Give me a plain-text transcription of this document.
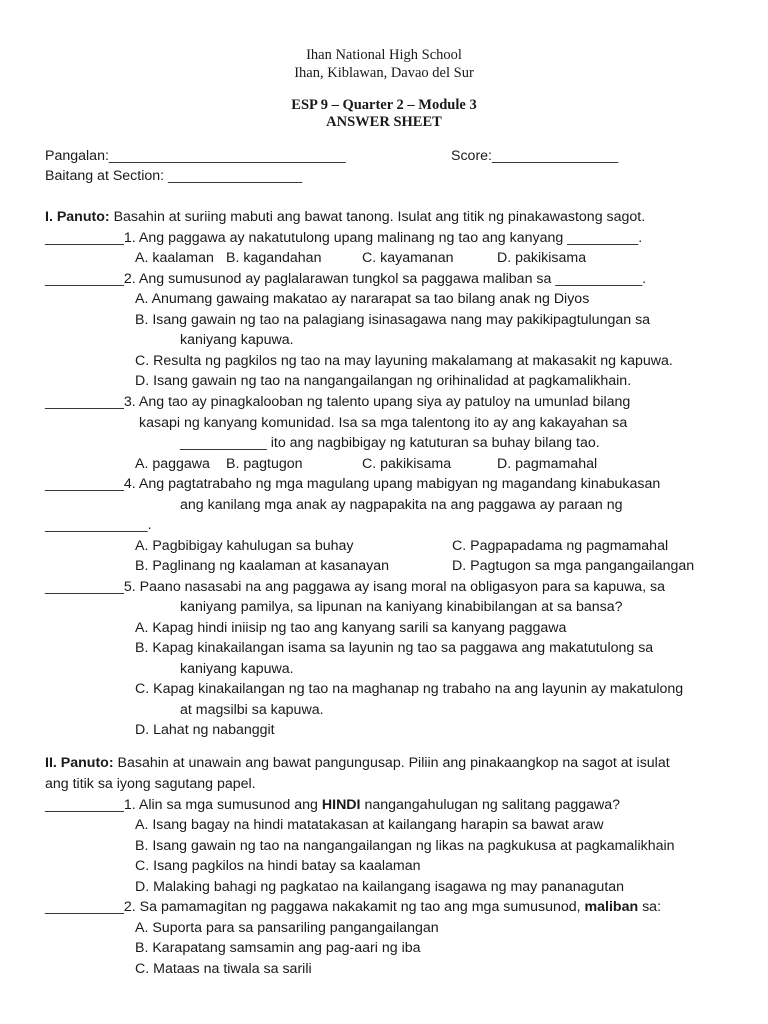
Ihan National High School
Ihan, Kiblawan, Davao del Sur
ESP 9 – Quarter 2 – Module 3
ANSWER SHEET
Pangalan:______________________________	Score:________________
Baitang at Section: _________________
I. Panuto: Basahin at suriing mabuti ang bawat tanong. Isulat ang titik ng pinakawastong sagot.
__________1. Ang paggawa ay nakatutulong upang malinang ng tao ang kanyang _________.
A. kaalaman B. kagandahan	C. kayamanan	D. pakikisama
__________2. Ang sumusunod ay paglalarawan tungkol sa paggawa maliban sa ___________.
A. Anumang gawaing makatao ay nararapat sa tao bilang anak ng Diyos
B. Isang gawain ng tao na palagiang isinasagawa nang may pakikipagtulungan sa
kaniyang kapuwa.
C. Resulta ng pagkilos ng tao na may layuning makalamang at makasakit ng kapuwa.
D. Isang gawain ng tao na nangangailangan ng orihinalidad at pagkamalikhain.
__________3. Ang tao ay pinagkalooban ng talento upang siya ay patuloy na umunlad bilang
kasapi ng kanyang komunidad. Isa sa mga talentong ito ay ang kakayahan sa
___________ ito ang nagbibigay ng katuturan sa buhay bilang tao.
A. paggawa B. pagtugon	C. pakikisama	D. pagmamahal
__________4. Ang pagtatrabaho ng mga magulang upang mabigyan ng magandang kinabukasan
ang kanilang mga anak ay nagpapakita na ang paggawa ay paraan ng
_____________.
A. Pagbibigay kahulugan sa buhay	C. Pagpapadama ng pagmamahal
B. Paglinang ng kaalaman at kasanayan	D. Pagtugon sa mga pangangailangan
__________5. Paano nasasabi na ang paggawa ay isang moral na obligasyon para sa kapuwa, sa
kaniyang pamilya, sa lipunan na kaniyang kinabibilangan at sa bansa?
A. Kapag hindi iniisip ng tao ang kanyang sarili sa kanyang paggawa
B. Kapag kinakailangan isama sa layunin ng tao sa paggawa ang makatutulong sa
kaniyang kapuwa.
C. Kapag kinakailangan ng tao na maghanap ng trabaho na ang layunin ay makatulong
at magsilbi sa kapuwa.
D. Lahat ng nabanggit
II. Panuto: Basahin at unawain ang bawat pangungusap. Piliin ang pinakaangkop na sagot at isulat
ang titik sa iyong sagutang papel.
__________1. Alin sa mga sumusunod ang HINDI nangangahulugan ng salitang paggawa?
A. Isang bagay na hindi matatakasan at kailangang harapin sa bawat araw
B. Isang gawain ng tao na nangangailangan ng likas na pagkukusa at pagkamalikhain
C. Isang pagkilos na hindi batay sa kaalaman
D. Malaking bahagi ng pagkatao na kailangang isagawa ng may pananagutan
__________2. Sa pamamagitan ng paggawa nakakamit ng tao ang mga sumusunod, maliban sa:
A. Suporta para sa pansariling pangangailangan
B. Karapatang samsamin ang pag-aari ng iba
C. Mataas na tiwala sa sarili
